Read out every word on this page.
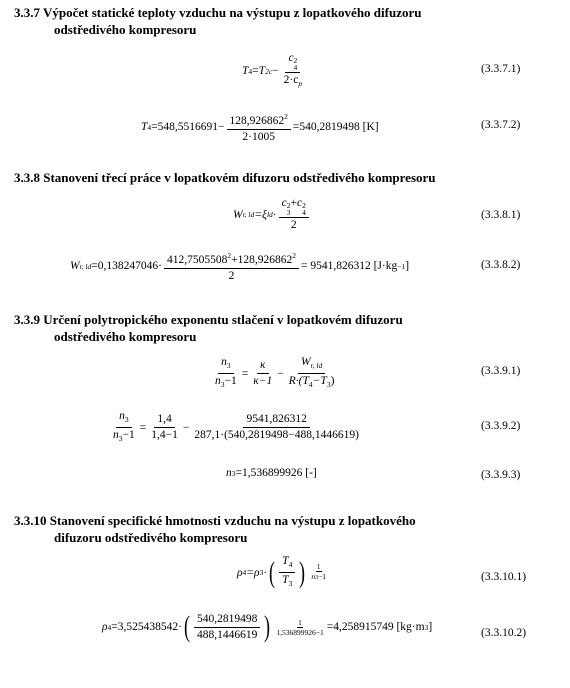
3.3.7 Výpočet statické teploty vzduchu na výstupu z lopatkového difuzoru
odstředivého kompresoru
T 4 = T 2c − c 2
4
$2\cdot c_p$	(3.3.7.1)
T $4 =548,5516691- \frac{128,926862^2}{2\cdot 1005} =540,2819498$ [K]	(3.3.7.2)
3.3.8 Stanovení třecí práce v lopatkovém difuzoru odstředivého kompresoru
W r, ld =ξ ld · c 2
3
+c 2
4
2	(3.3.8.1)
W r, ld $=0,138247046\cdot \frac{412,7505508^2+128,926862^2}{2} = 9541,826312$ [J·kg −1 ]	(3.3.8.2)
3.3.9 Určení polytropického exponentu stlačení v lopatkovém difuzoru
odstředivého kompresoru
$\frac{n_3}{n_3-1} = \frac{\kappa}{\kappa-1} - \frac{W_{r, ld}}{R\cdot(T_4-T_3)}$	(3.3.9.1)
$\frac{n_3}{n_3-1} = \frac{1,4}{1,4-1} - \frac{9541,826312}{287,1\cdot(540,2819498-488,1446619)}$	(3.3.9.2)
n 3 =1,536899926 [-]	(3.3.9.3)
3.3.10 Stanovení specifické hmotnosti vzduchu na výstupu z lopatkového
difuzoru odstředivého kompresoru
ρ 4 =ρ 3 · ( $\frac{T_4}{T_3}$ ) $\frac{1}{n3-1}$	(3.3.10.1)
ρ 4 =3,525438542· ( $\frac{540,2819498}{488,1446619}$ ) $\frac{1}{1,536899926-1} =4,258915749$ [kg·m 3 ]	(3.3.10.2)
